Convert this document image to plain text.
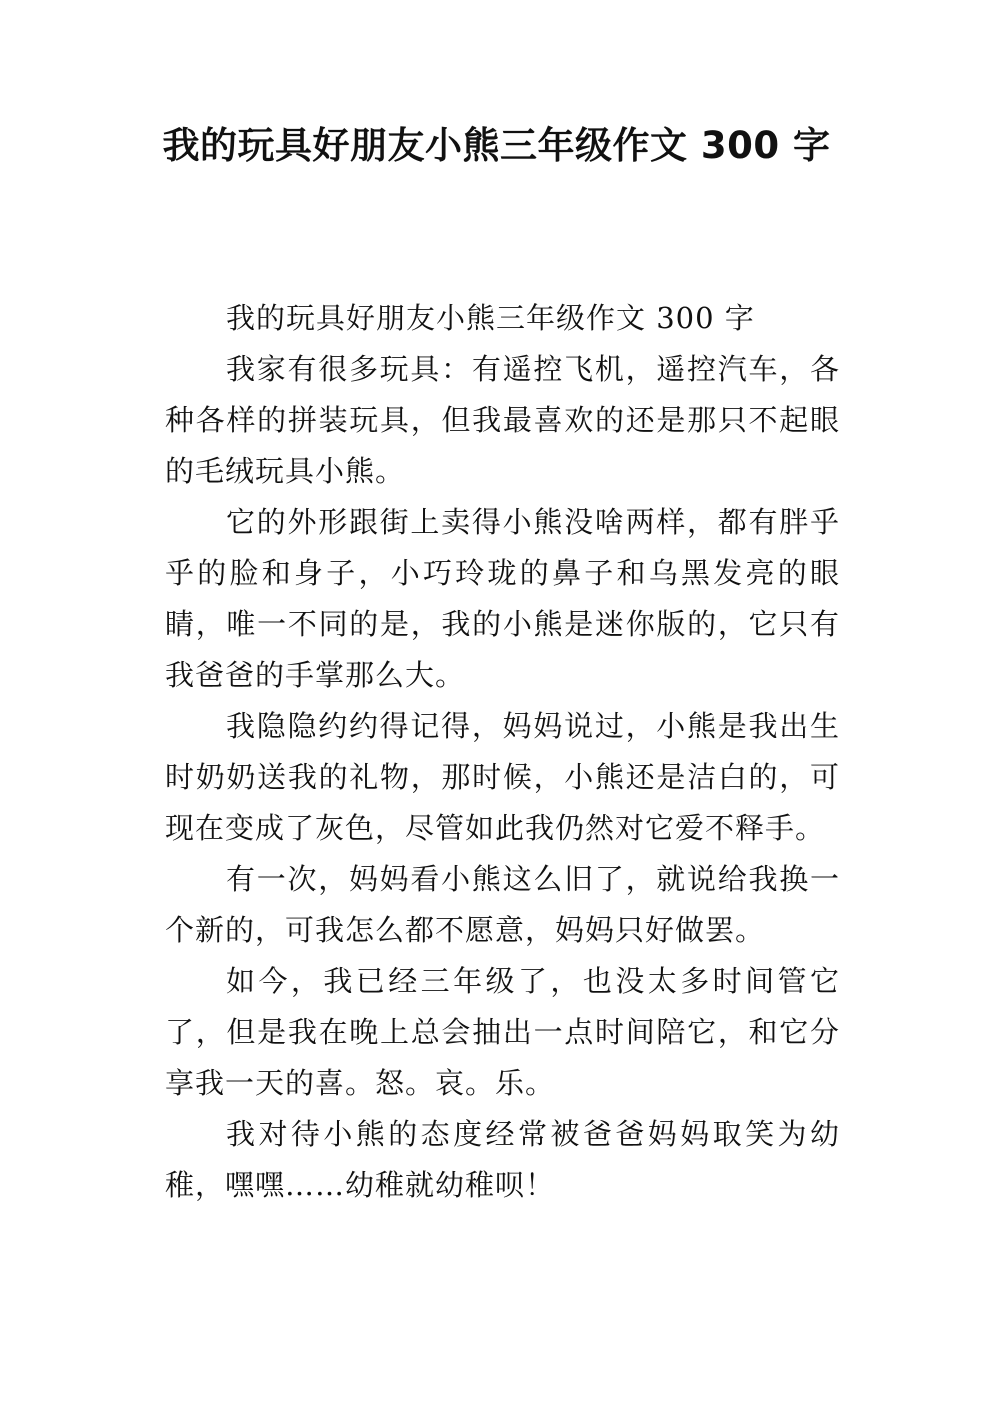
我的玩具好朋友小熊三年级作文 300 字

我的玩具好朋友小熊三年级作文 300 字

我家有很多玩具：有遥控飞机，遥控汽车，各种各样的拼装玩具，但我最喜欢的还是那只不起眼的毛绒玩具小熊。

它的外形跟街上卖得小熊没啥两样，都有胖乎乎的脸和身子，小巧玲珑的鼻子和乌黑发亮的眼睛，唯一不同的是，我的小熊是迷你版的，它只有我爸爸的手掌那么大。

我隐隐约约得记得，妈妈说过，小熊是我出生时奶奶送我的礼物，那时候，小熊还是洁白的，可现在变成了灰色，尽管如此我仍然对它爱不释手。

有一次，妈妈看小熊这么旧了，就说给我换一个新的，可我怎么都不愿意，妈妈只好做罢。

如今，我已经三年级了，也没太多时间管它了，但是我在晚上总会抽出一点时间陪它，和它分享我一天的喜。怒。哀。乐。

我对待小熊的态度经常被爸爸妈妈取笑为幼稚，嘿嘿……幼稚就幼稚呗！
